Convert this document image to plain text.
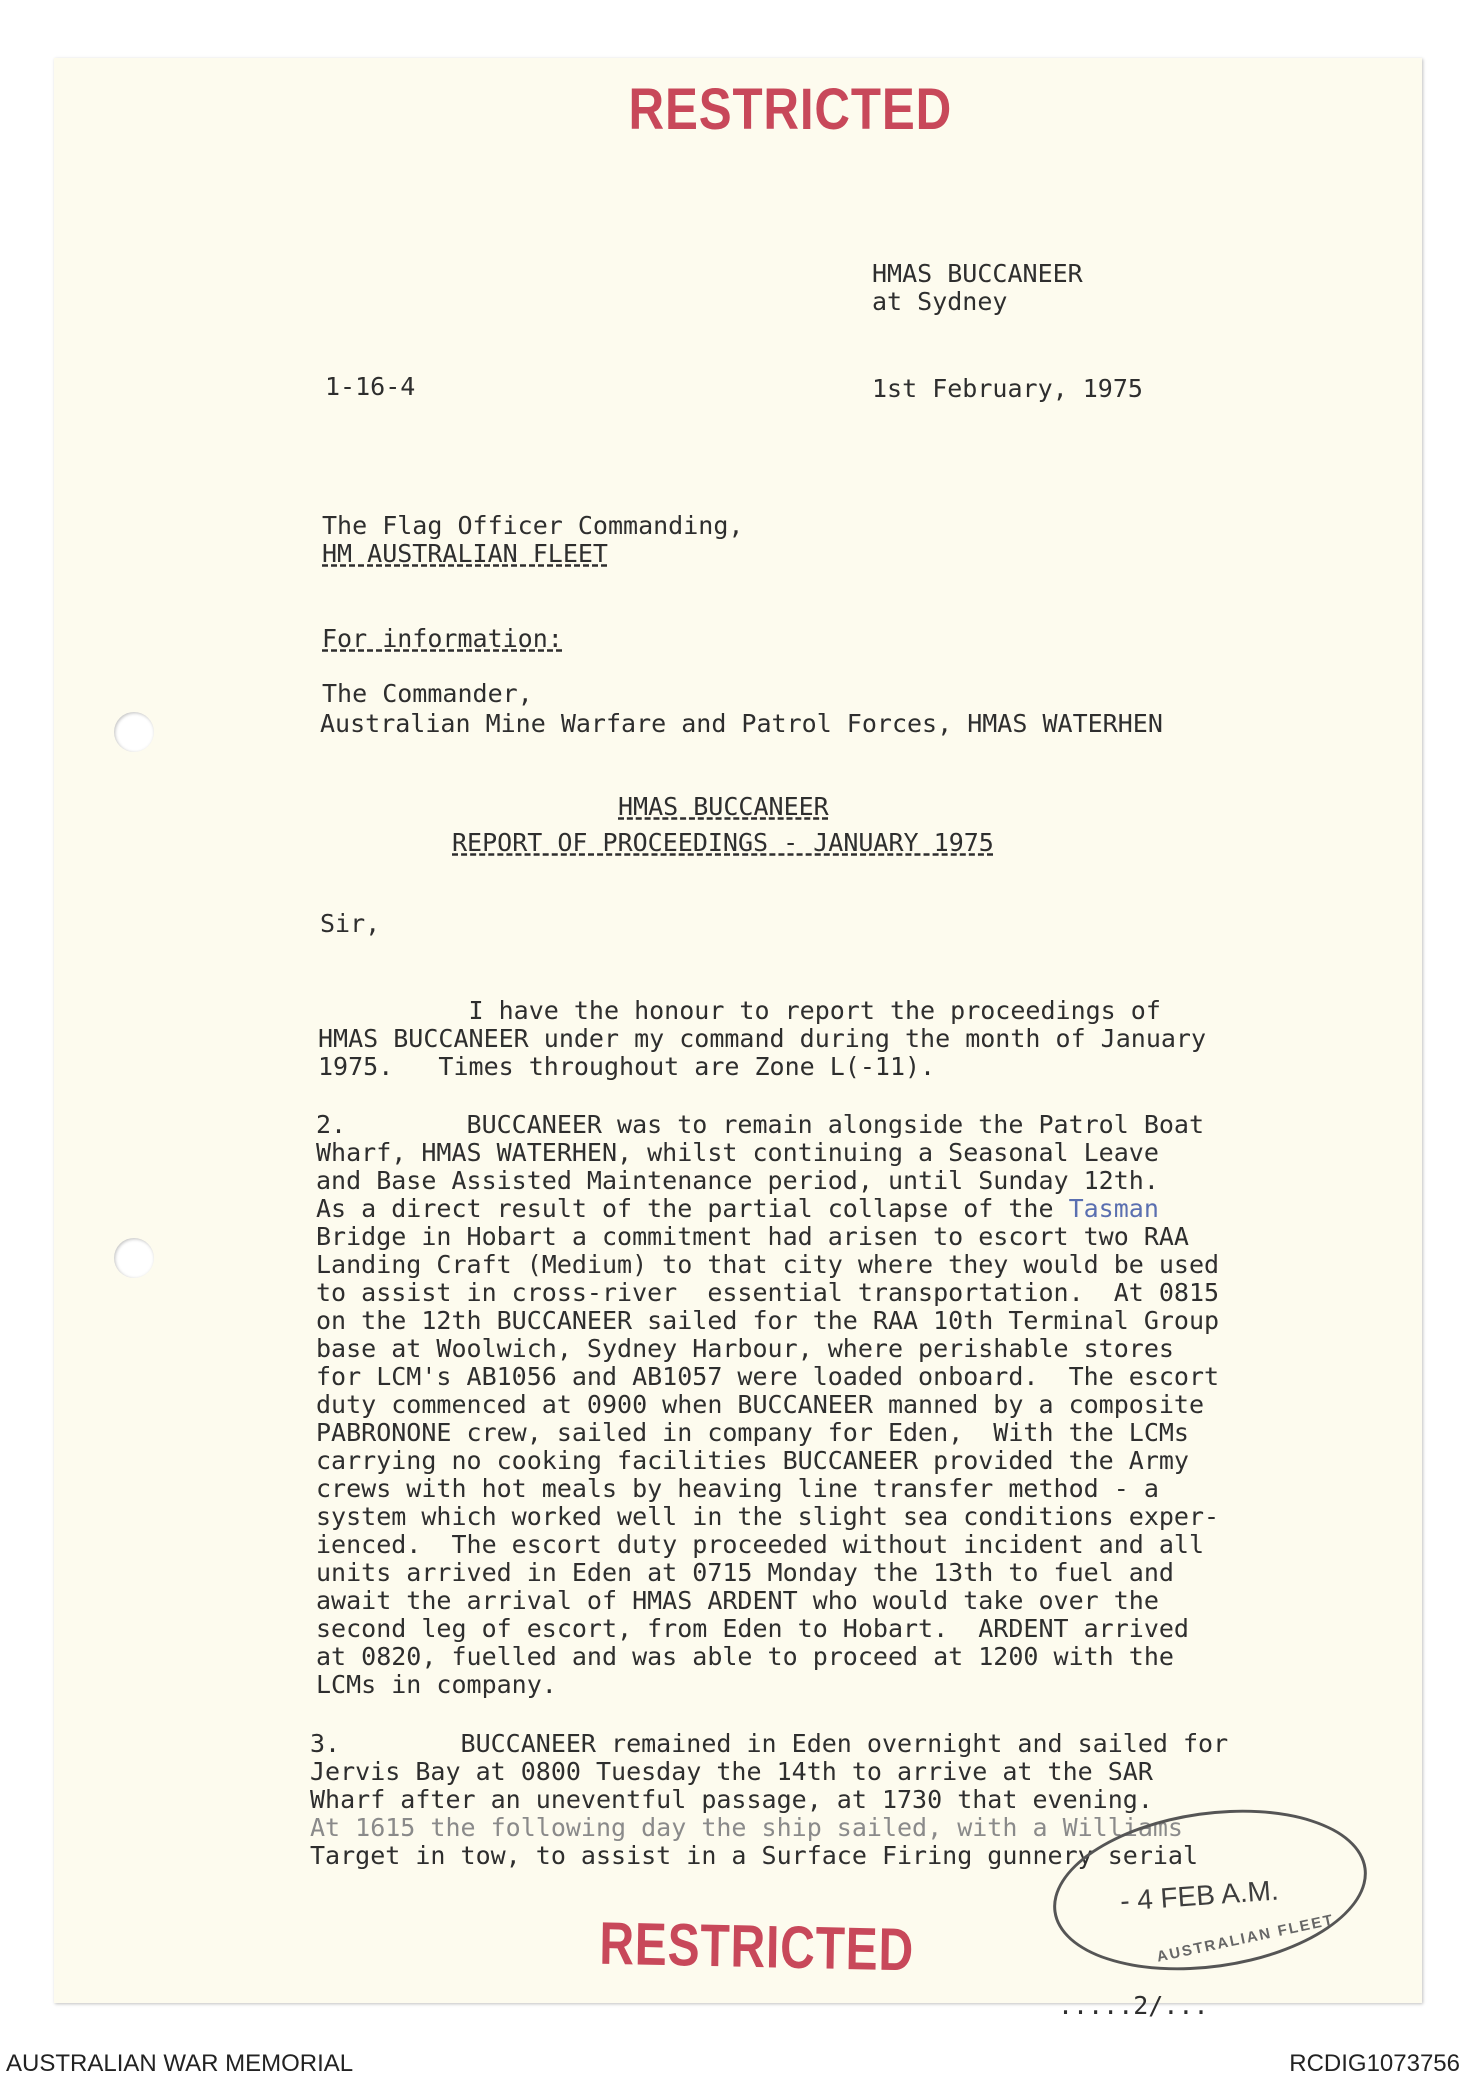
RESTRICTED
HMAS BUCCANEER
at Sydney
1-16-4	1st February, 1975
The Flag Officer Commanding,
HM AUSTRALIAN FLEET
For information:
The Commander,
Australian Mine Warfare and Patrol Forces, HMAS WATERHEN
HMAS BUCCANEER
REPORT OF PROCEEDINGS - JANUARY 1975
Sir,
I have the honour to report the proceedings of
HMAS BUCCANEER under my command during the month of January
1975.   Times throughout are Zone L(-11).
2.        BUCCANEER was to remain alongside the Patrol Boat
Wharf, HMAS WATERHEN, whilst continuing a Seasonal Leave
and Base Assisted Maintenance period, until Sunday 12th.
As a direct result of the partial collapse of the Tasman
Bridge in Hobart a commitment had arisen to escort two RAA
Landing Craft (Medium) to that city where they would be used
to assist in cross-river  essential transportation.  At 0815
on the 12th BUCCANEER sailed for the RAA 10th Terminal Group
base at Woolwich, Sydney Harbour, where perishable stores
for LCM's AB1056 and AB1057 were loaded onboard.  The escort
duty commenced at 0900 when BUCCANEER manned by a composite
PABRONONE crew, sailed in company for Eden,  With the LCMs
carrying no cooking facilities BUCCANEER provided the Army
crews with hot meals by heaving line transfer method - a
system which worked well in the slight sea conditions exper-
ienced.  The escort duty proceeded without incident and all
units arrived in Eden at 0715 Monday the 13th to fuel and
await the arrival of HMAS ARDENT who would take over the
second leg of escort, from Eden to Hobart.  ARDENT arrived
at 0820, fuelled and was able to proceed at 1200 with the
LCMs in company.
3.        BUCCANEER remained in Eden overnight and sailed for
Jervis Bay at 0800 Tuesday the 14th to arrive at the SAR
Wharf after an uneventful passage, at 1730 that evening.
At 1615 the following day the ship sailed, with a Williams
Target in tow, to assist in a Surface Firing gunnery serial
- 4 FEB A.M.
AUSTRALIAN FLEET
RESTRICTED
.....2/...
AUSTRALIAN WAR MEMORIAL	RCDIG1073756
